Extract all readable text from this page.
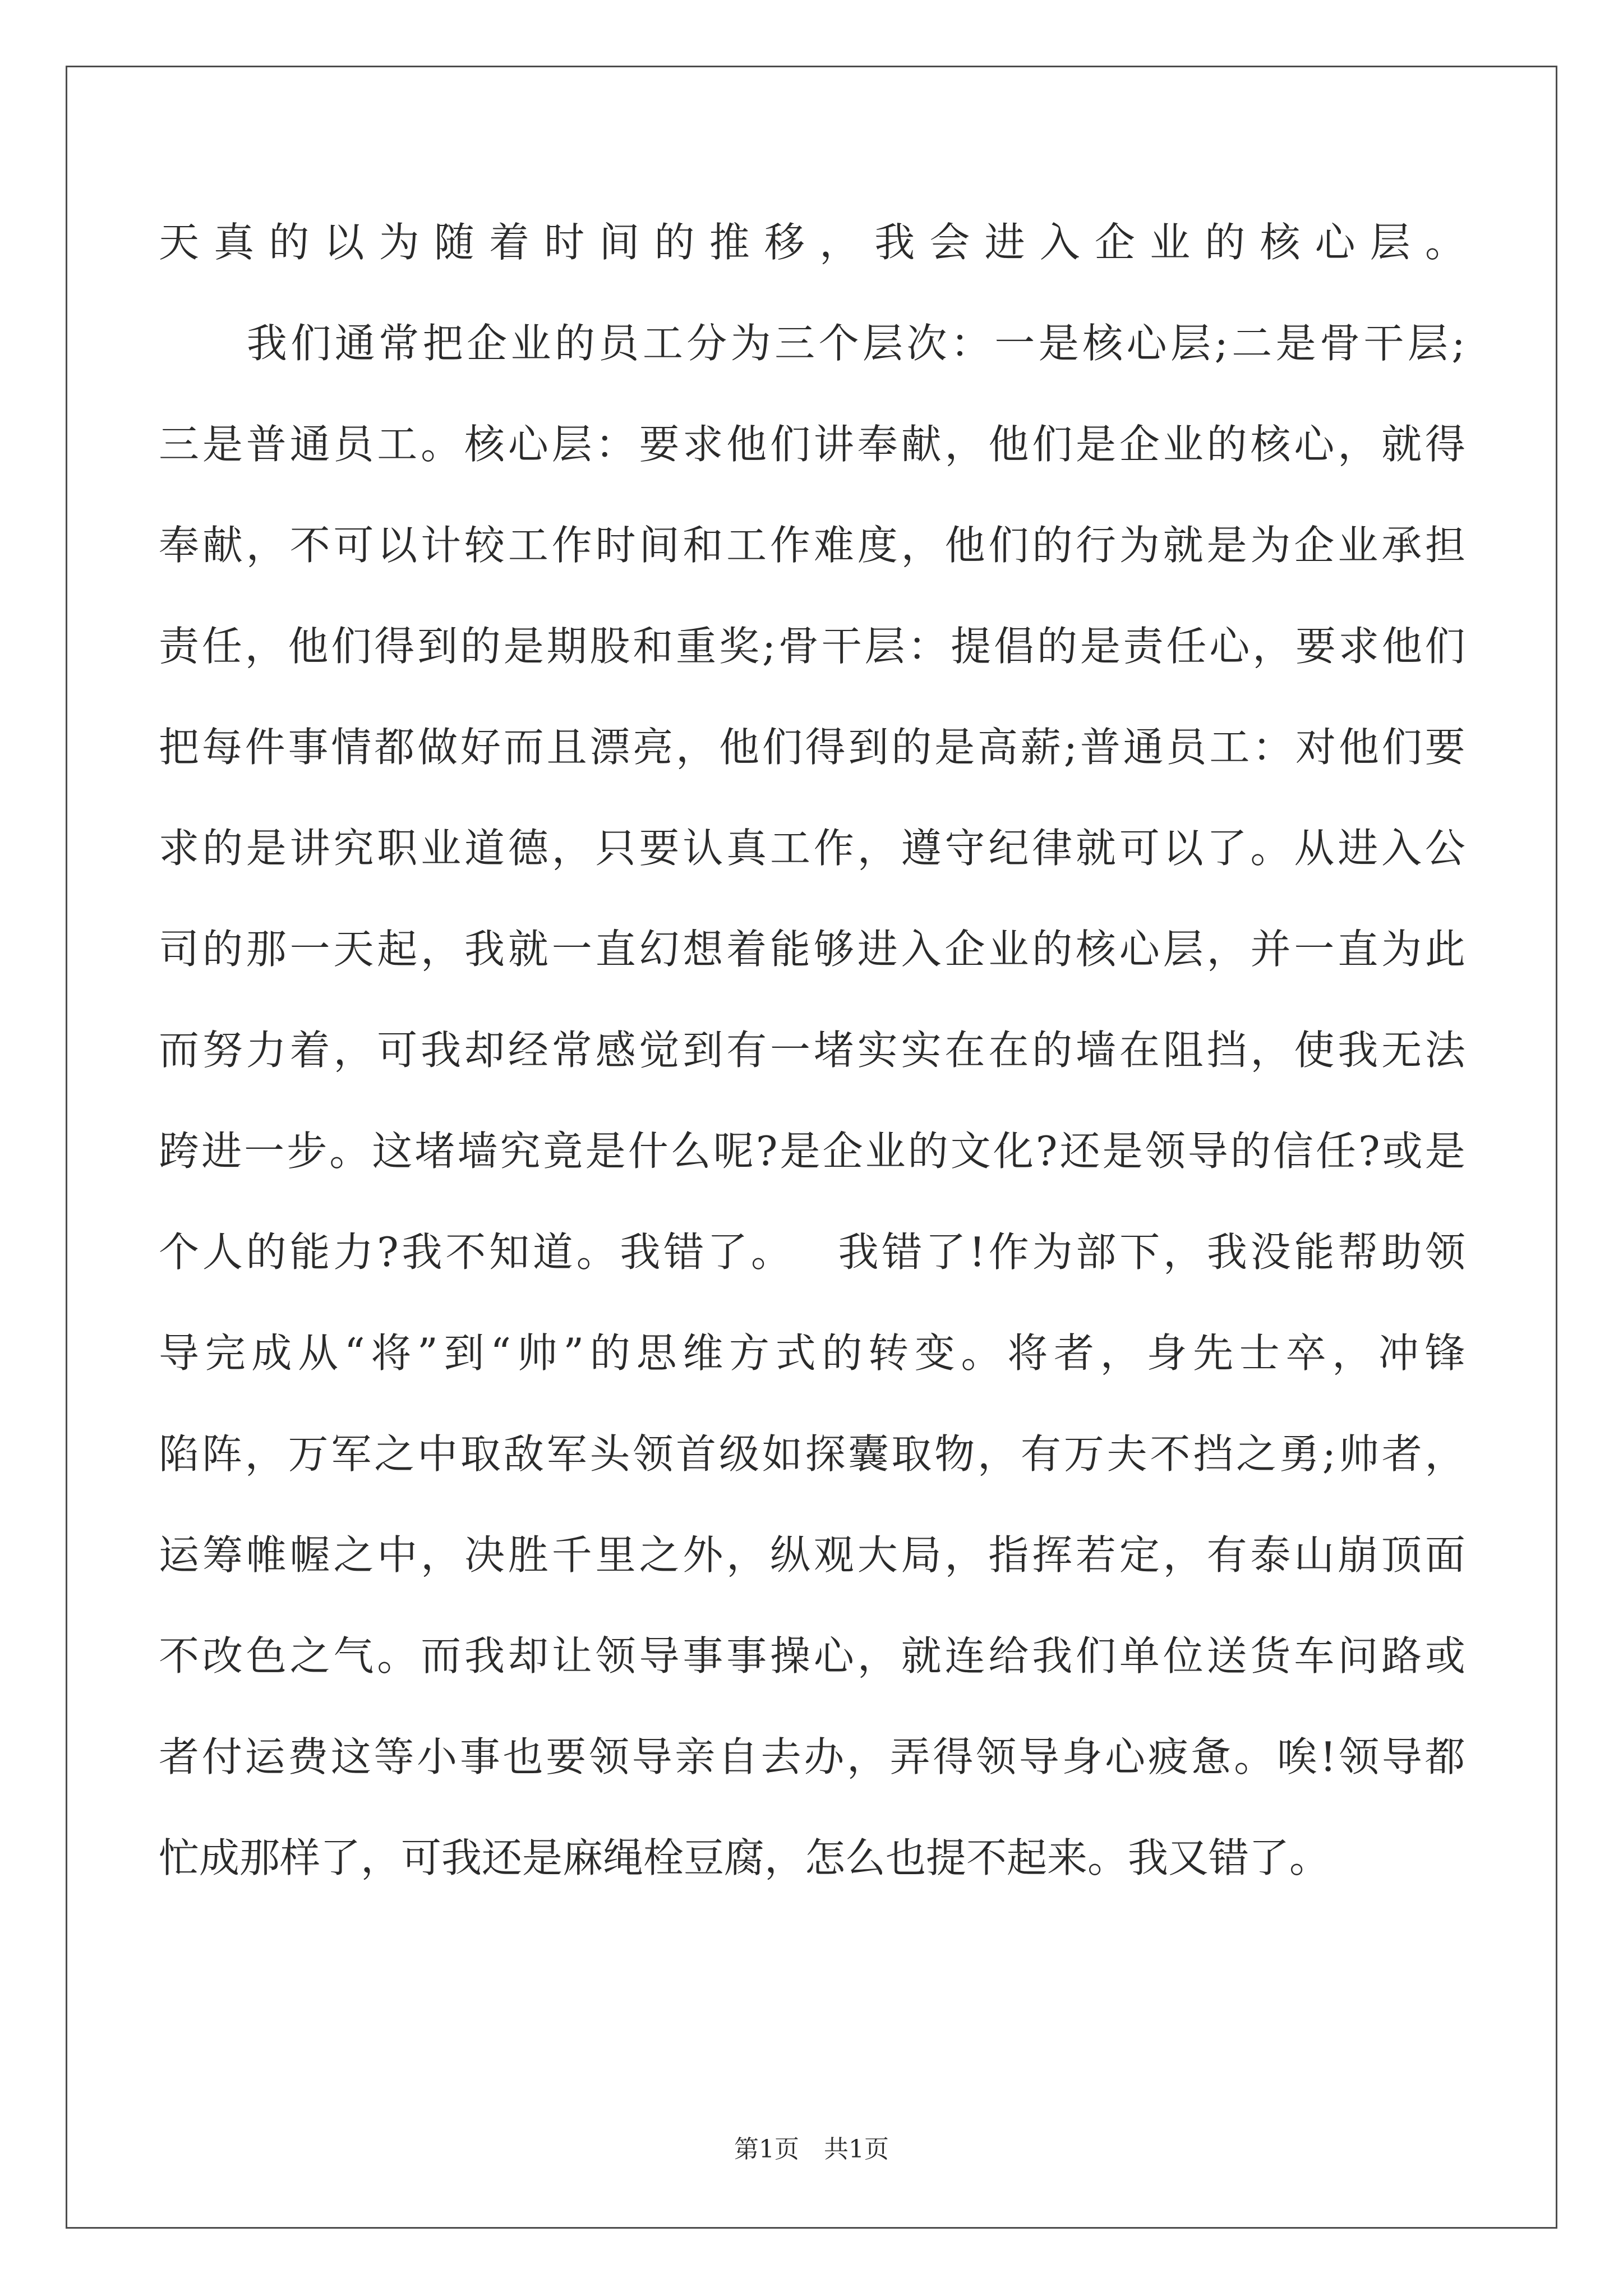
天 真 的 以 为 随 着 时 间 的 推 移 ， 我 会 进 入 企 业 的 核 心 层 。

我 们 通 常 把 企 业 的 员 工 分 为 三 个 层 次 ： 一 是 核 心 层 ; 二 是 骨 干 层 ;
三 是 普 通 员 工 。 核 心 层 ： 要 求 他 们 讲 奉 献 ， 他 们 是 企 业 的 核 心 ， 就 得
奉 献 ， 不 可 以 计 较 工 作 时 间 和 工 作 难 度 ， 他 们 的 行 为 就 是 为 企 业 承 担
责 任 ， 他 们 得 到 的 是 期 股 和 重 奖 ; 骨 干 层 ： 提 倡 的 是 责 任 心 ， 要 求 他 们
把 每 件 事 情 都 做 好 而 且 漂 亮 ， 他 们 得 到 的 是 高 薪 ; 普 通 员 工 ： 对 他 们 要
求 的 是 讲 究 职 业 道 德 ， 只 要 认 真 工 作 ， 遵 守 纪 律 就 可 以 了 。 从 进 入 公
司 的 那 一 天 起 ， 我 就 一 直 幻 想 着 能 够 进 入 企 业 的 核 心 层 ， 并 一 直 为 此
而 努 力 着 ， 可 我 却 经 常 感 觉 到 有 一 堵 实 实 在 在 的 墙 在 阻 挡 ， 使 我 无 法
跨 进 一 步 。 这 堵 墙 究 竟 是 什 么 呢 ? 是 企 业 的 文 化 ? 还 是 领 导 的 信 任 ? 或 是
个 人 的 能 力 ? 我 不 知 道 。 我 错 了 。
　 我 错 了 ! 作 为 部 下 ， 我 没 能 帮 助 领
导 完 成 从 “ 将 ” 到 “ 帅 ” 的 思 维 方 式 的 转 变 。 将 者 ， 身 先 士 卒 ， 冲 锋
陷 阵 ， 万 军 之 中 取 敌 军 头 领 首 级 如 探 囊 取 物 ， 有 万 夫 不 挡 之 勇 ; 帅 者 ，
运 筹 帷 幄 之 中 ， 决 胜 千 里 之 外 ， 纵 观 大 局 ， 指 挥 若 定 ， 有 泰 山 崩 顶 面
不 改 色 之 气 。 而 我 却 让 领 导 事 事 操 心 ， 就 连 给 我 们 单 位 送 货 车 问 路 或
者 付 运 费 这 等 小 事 也 要 领 导 亲 自 去 办 ， 弄 得 领 导 身 心 疲 惫 。 唉 ! 领 导 都
忙成那样了，可我还是麻绳栓豆腐，怎么也提不起来。我又错了。
第1页　共1页
